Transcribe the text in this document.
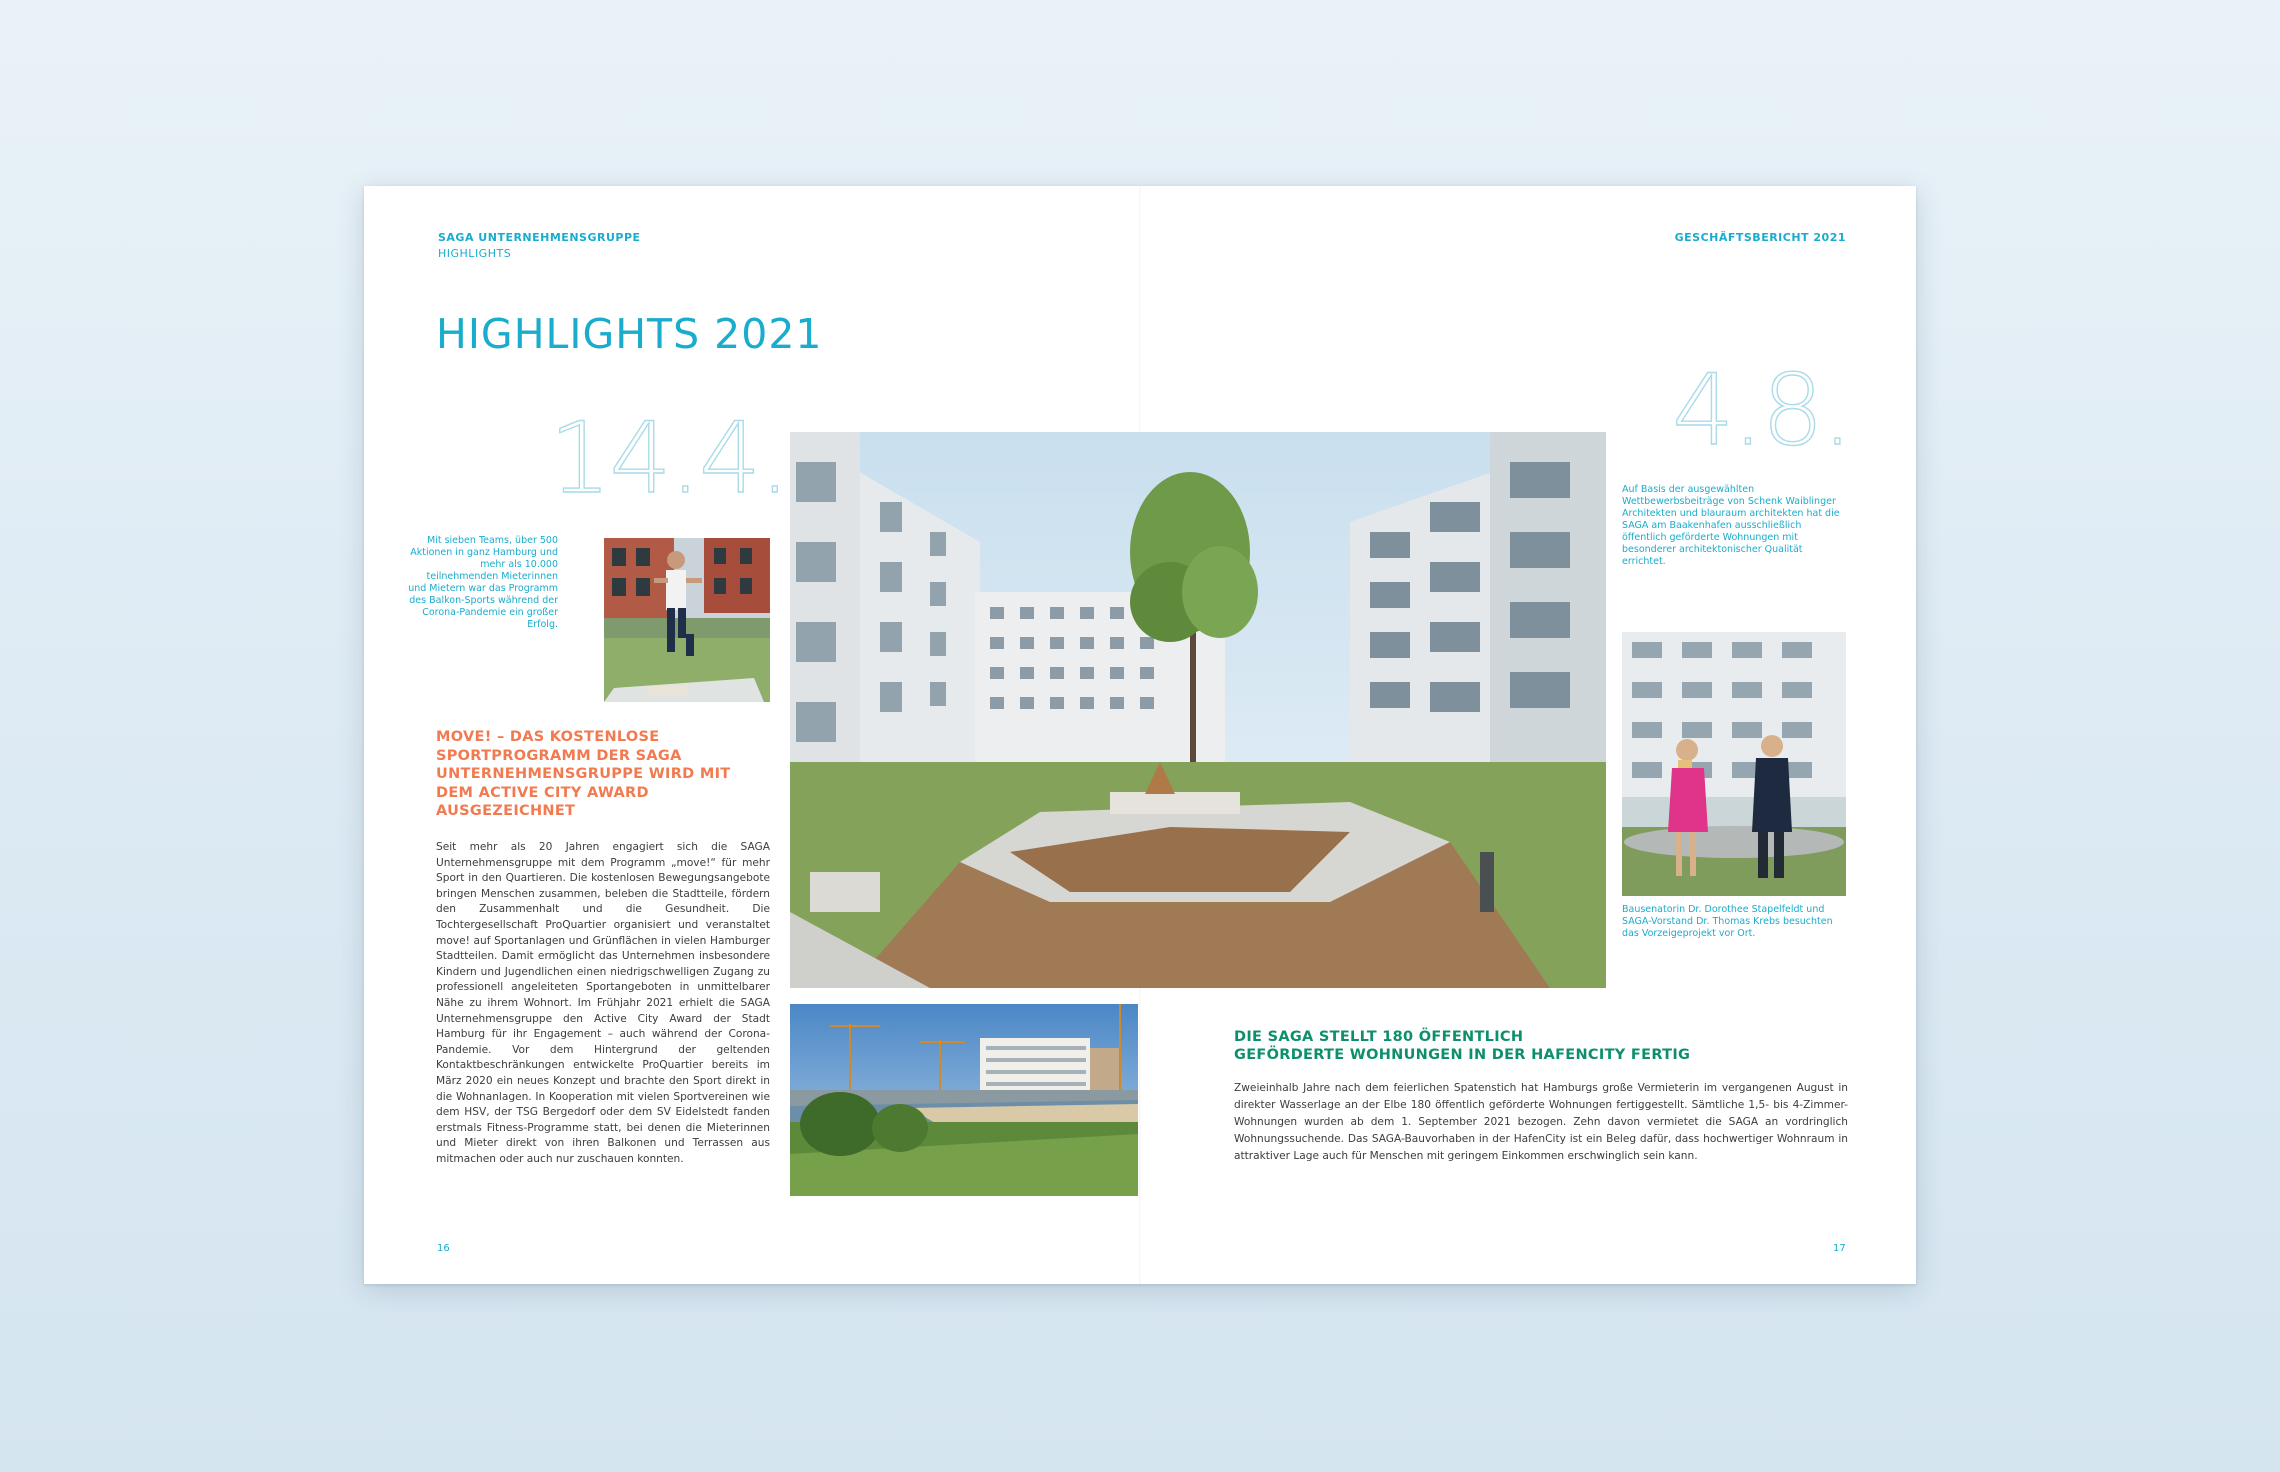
SAGA UNTERNEHMENSGRUPPE
HIGHLIGHTS
GESCHÄFTSBERICHT 2021
HIGHLIGHTS 2021
14.4.	4.8.
Mit sieben Teams, über 500 Aktionen in ganz Hamburg und mehr als 10.000 teilnehmenden Mieterinnen und Mietern war das Programm des Balkon-Sports während der Corona-Pandemie ein großer Erfolg.
MOVE! – DAS KOSTENLOSE SPORTPROGRAMM DER SAGA UNTERNEHMENSGRUPPE WIRD MIT DEM ACTIVE CITY AWARD AUSGEZEICHNET
Seit mehr als 20 Jahren engagiert sich die SAGA Unternehmensgruppe mit dem Programm „move!“ für mehr Sport in den Quartieren. Die kostenlosen Bewegungsangebote bringen Menschen zusammen, beleben die Stadtteile, fördern den Zusammenhalt und die Gesundheit. Die Tochtergesellschaft ProQuartier organisiert und veranstaltet move! auf Sportanlagen und Grünflächen in vielen Hamburger Stadtteilen. Damit ermöglicht das Unternehmen insbesondere Kindern und Jugendlichen einen niedrigschwelligen Zugang zu professionell angeleiteten Sportangeboten in unmittelbarer Nähe zu ihrem Wohnort. Im Frühjahr 2021 erhielt die SAGA Unternehmensgruppe den Active City Award der Stadt Hamburg für ihr Engagement – auch während der Corona-Pandemie. Vor dem Hintergrund der geltenden Kontaktbeschränkungen entwickelte ProQuartier bereits im März 2020 ein neues Konzept und brachte den Sport direkt in die Wohnanlagen. In Kooperation mit vielen Sportvereinen wie dem HSV, der TSG Bergedorf oder dem SV Eidelstedt fanden erstmals Fitness-Programme statt, bei denen die Mieterinnen und Mieter direkt von ihren Balkonen und Terrassen aus mitmachen oder auch nur zuschauen konnten.
Auf Basis der ausgewählten Wettbewerbsbeiträge von Schenk Waiblinger Architekten und blauraum architekten hat die SAGA am Baakenhafen ausschließlich öffentlich geförderte Wohnungen mit besonderer architektonischer Qualität errichtet.
Bausenatorin Dr. Dorothee Stapelfeldt und SAGA-Vorstand Dr. Thomas Krebs besuchten das Vorzeigeprojekt vor Ort.
DIE SAGA STELLT 180 ÖFFENTLICH
GEFÖRDERTE WOHNUNGEN IN DER HAFENCITY FERTIG
Zweieinhalb Jahre nach dem feierlichen Spatenstich hat Hamburgs große Vermieterin im vergangenen August in direkter Wasserlage an der Elbe 180 öffentlich geförderte Wohnungen fertiggestellt. Sämtliche 1,5- bis 4-Zimmer-Wohnungen wurden ab dem 1. September 2021 bezogen. Zehn davon vermietet die SAGA an vordringlich Wohnungssuchende. Das SAGA-Bauvorhaben in der HafenCity ist ein Beleg dafür, dass hochwertiger Wohnraum in attraktiver Lage auch für Menschen mit geringem Einkommen erschwinglich sein kann.
16	17
